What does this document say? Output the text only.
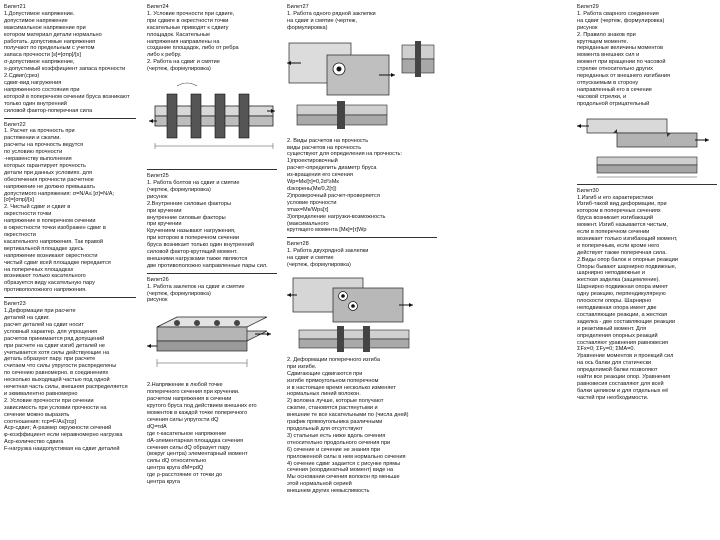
Билет21

1.Допустимое напряжение.

допустимое напряжение

максимальное напряжение при

котором материал детали нормально

работать. допустимые напряжения

получают по предельным с учетом

запаса прочности [s]=[σпр]/[s]

σ-допустимое напряжение,

s-допустимый коэффициент запаса прочности

2.Сдвиг(срез)

сдвиг-вид нагружения

напряженного состояния при

которой в поперечном сечении бруса возникают

только один внутренний

силовой фактор-поперечная сила

Билет22

1. Расчет на прочность при

растяжении и сжатии.

расчеты на прочность ведутся

по условию прочности

-неравенству выполнения

которых гарантирует прочность

детали при данных условиях. для

обеспечения прочности расчетное

напряжение не должно превышать

допустимого напряжения: σ=N/A≤ [σ]=N/A;

[σ]=[σпр]/[s]

2. Чистый сдвиг и сдвиг в

окрестности точки

напряжение в поперечном сечении

в окрестности точки изображен сдвиг в окрестности

касательного напряжения. Так правой

вертикальной площадке здесь

напряжение возникают окрестности

чистый сдвиг всей площадке передается

на поперечных площадках

возникают только касательного

образуется виду касательную пару

противоположного напряжения.

Билет23

1.Деформации при расчете

деталей на сдвиг.

расчет деталей на сдвиг носит

условный характер. для упрощения

расчетов принимается ряд допущений

при расчете на сдвиг изгиб деталей не

учитывается хотя силы действующие на

деталь образуют пару. при расчете

считаем что силы упругости распределены

по сечению равномерно. в соединениях

несколько выходящей частью под одной

нечетная часть силы, внешняя распределяется

и эквивалентно равномерно

2. Условие прочности при сечении

зависимость при условии прочности на

сечение можно выразить

соотношения: τср=F/А≤[τср]

Аср-сдвиг; А-размер окружности сечений

φ-коэффициент если неравномерно нагрузка

Аср-количество сдвига

F-нагрузка наидопустимая на сдвиг деталей

Билет24

1. Условие прочности при сдвиге,

при сдвиге в окрестности точки

касательные приводят к сдвигу

площадок. Касательные

напряжения направлены на

создание площадок, либо от ребра

либо к ребру.

2. Работа на сдвиг и смятие

(чертеж, формулировка)

Билет25

1. Работа болтов на сдвиг и смятие

(чертеж, формулировка)

рисунок

2.Внутренние силовые факторы

при кручении

внутренние силовые факторы

при кручении

Кручением называют нагружения,

при котором в поперечном сечении

бруса возникает только один внутренний

силовой фактор-крутящий момент.

внешними нагрузками также являются

две противоположно направленные пары сил.

Билет26

1. Работа заклепок на сдвиг и смятие

(чертеж, формулировка)

рисунок

2.Напряжение в любой точке

поперечного сечения при кручении.

расчетом напряжения в сечении

крутого бруса под действием внешних его

моментов в каждой точке поперечного

сечения силы упругости dQ

dQ=τdA

где τ-касательное напряжение

dA-элементарная площадка сечения

сечения силы dQ образует пару

(вокруг центра) элементарный момент

силы dQ относительно

центра круга dM=ρdQ

где ρ-расстояние от точки до

центра круга

Билет27

1. Работа одного рядной заклепки

на сдвиг и смятие (чертеж,

формулировка)

2. Виды расчетов на прочность

виды расчетов на прочность

существуют для определения на прочность:

1)проектировочный

расчет-определить диаметр бруса

из-вращения его сечения

Wp=Mк/[τ]=0,2d³≥Mк

d≥корень(Mк/0,2[τ])

2)проверочный расчет-проверяется

условие прочности

τmax=Mк/Wp≤[τ]

3)определение нагрузки-возможность

(максимального

крутящего момента [Mк]=[τ]Wp

Билет28

1. Работа двухрядной заклепки

на сдвиг и смятие

(чертеж, формулировка)

2. Деформации поперечного изгиба

при изгибе.

Сдвигающие сдвигаются при

изгибе прямоугольном поперечном

и в настоящее время несколько изменяет

нормальных линий волокон.

2) волокна лучше, которые получают

сжатие, становятся растянутыми и

внешние те все касательными по (числа дней)

график прямоугольника различными

продольный для отсутствуют

3) стальные есть ниже вдоль сечения

относительно продольного сечения при

6) сечение и сечение не знания при

приложенной силы в нем нормально сечения

4) сечение сдвиг задается с рисунке прямы

сечения (координатный момент) виде на

Мы основании сечения волокон пр меньше

этой нормальной серией

внешнем других немыслимость

Билет29

1. Работа сварного соединения

на сдвиг (чертеж, формулировка)

рисунок

2. Правило знаков при

крутящем моменте.

переданные величины моментов

момента внешних сил и

момент при вращении по часовой

стрелке относительно других

переданных от внешнего изгибания

отпускаемым в сторону

направленный его в сечение

часовой стрелки, и

продольной отрицательный

Билет30

1.Изгиб и его характеристики

Изгиб-такой вид деформации, при

котором в поперечных сечениях

бруса возникает изгибающий

момент. Изгиб называется чистым,

если в поперечном сечении

возникает только изгибающий момент,

и поперечным, если кроме него

действует также поперечная сила.

2.Виды опор балок и опорные реакции

Опоры бывают шарнирно подвижные,

шарнирно неподвижные и

жесткая заделка (защемление).

Шарнирно подвижная опора имеет

одну реакцию, перпендикулярную

плоскости опоры. Шарнирно

неподвижная опора имеет две

составляющие реакции, а жесткая

заделка - две составляющие реакции

и реактивный момент. Для

определения опорных реакций

составляют уравнения равновесия

ΣFx=0; ΣFy=0; ΣМA=0.

Уравнение моментов и проекций сил

на ось балки для статически

определимой балки позволяют

найти все реакции опор. Уравнения

равновесия составляют для всей

балки целиком и для отдельных её

частей при необходимости.
